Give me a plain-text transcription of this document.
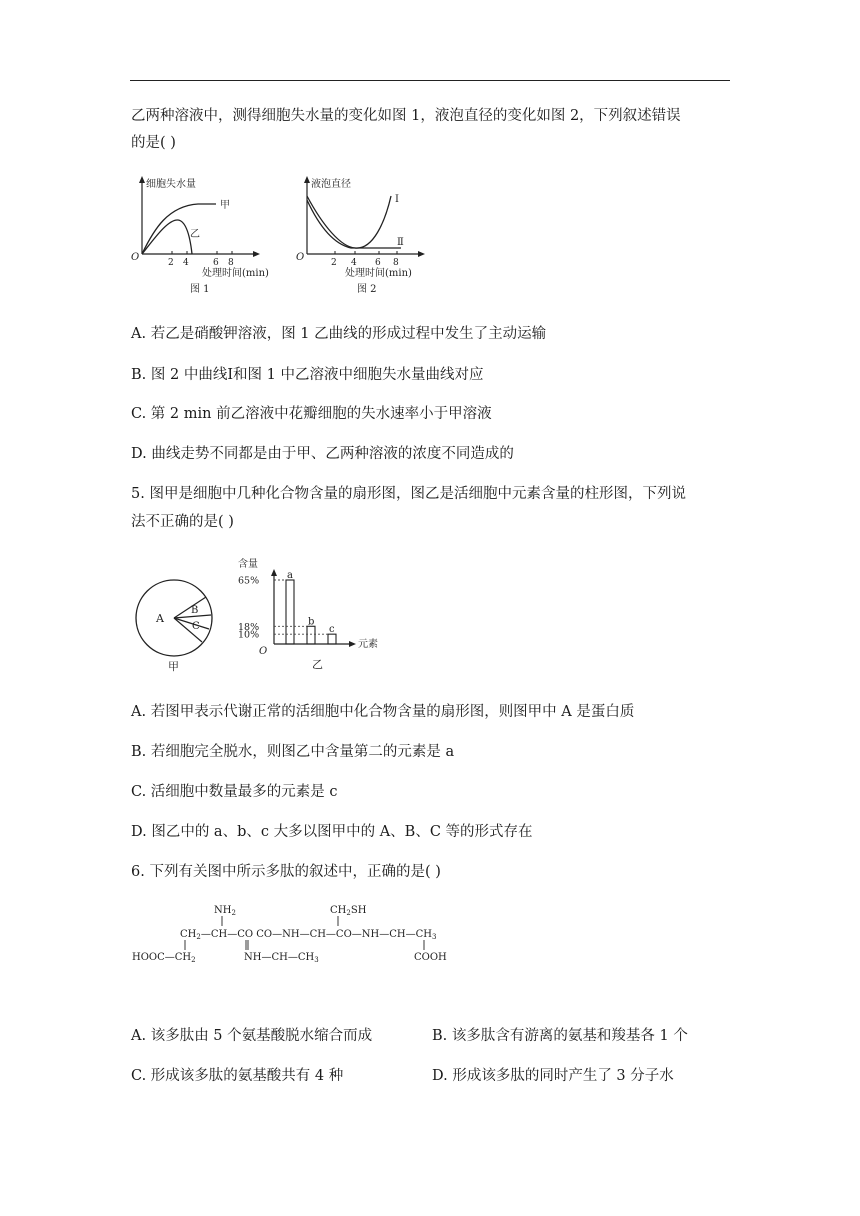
乙两种溶液中，测得细胞失水量的变化如图 1，液泡直径的变化如图 2，下列叙述错误
的是( )
细胞失水量
甲
乙
O	2 4	6 8
处理时间(min)
图 1
液泡直径
Ⅰ
Ⅱ
O	2 4 6 8
处理时间(min)
图 2
A. 若乙是硝酸钾溶液，图 1 乙曲线的形成过程中发生了主动运输
B. 图 2 中曲线Ⅰ和图 1 中乙溶液中细胞失水量曲线对应
C. 第 2 min 前乙溶液中花瓣细胞的失水速率小于甲溶液
D. 曲线走势不同都是由于甲、乙两种溶液的浓度不同造成的
5. 图甲是细胞中几种化合物含量的扇形图，图乙是活细胞中元素含量的柱形图，下列说
法不正确的是( )
A
B
C
甲
含量
元素
O
65%	a
18%	b
10%	c
乙
A. 若图甲表示代谢正常的活细胞中化合物含量的扇形图，则图甲中 A 是蛋白质
B. 若细胞完全脱水，则图乙中含量第二的元素是 a
C. 活细胞中数量最多的元素是 c
D. 图乙中的 a、b、c 大多以图甲中的 A、B、C 等的形式存在
6. 下列有关图中所示多肽的叙述中，正确的是( )
$NH_2$	$CH_2SH$
$CH_2—CH—CO$ $CO—NH—CH—CO—NH—CH—CH_3$
$HOOC—CH_2$	$NH—CH—CH_3$	COOH
A. 该多肽由 5 个氨基酸脱水缩合而成	B. 该多肽含有游离的氨基和羧基各 1 个
C. 形成该多肽的氨基酸共有 4 种	D. 形成该多肽的同时产生了 3 分子水
